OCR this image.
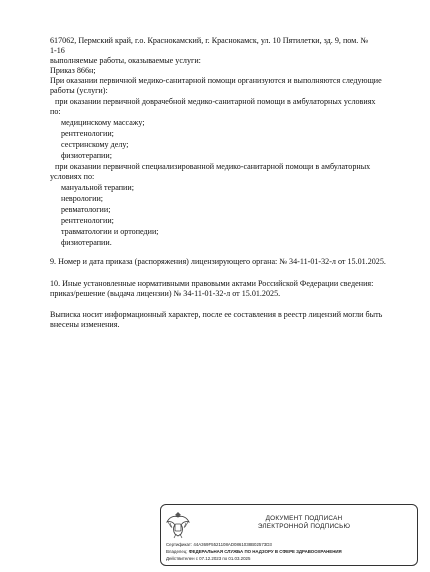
617062, Пермский край, г.о. Краснокамский, г. Краснокамск, ул. 10 Пятилетки, зд. 9, пом. №
1-16
выполняемые работы, оказываемые услуги:
Приказ 866н;
При оказании первичной медико-санитарной помощи организуются и выполняются следующие
работы (услуги):
при оказании первичной доврачебной медико-санитарной помощи в амбулаторных условиях
по:
медицинскому массажу;
рентгенологии;
сестринскому делу;
физиотерапии;
при оказании первичной специализированной медико-санитарной помощи в амбулаторных
условиях по:
мануальной терапии;
неврологии;
ревматологии;
рентгенологии;
травматологии и ортопедии;
физиотерапии.
9. Номер и дата приказа (распоряжения) лицензирующего органа: № 34-11-01-32-л от 15.01.2025.
10. Иные установленные нормативными правовыми актами Российской Федерации сведения:
приказ/решение (выдача лицензии) № 34-11-01-32-л от 15.01.2025.
Выписка носит информационный характер, после ее составления в реестр лицензий могли быть
внесены изменения.
ДОКУМЕНТ ПОДПИСАН
ЭЛЕКТРОННОЙ ПОДПИСЬЮ
Сертификат: 44A369F5521108AD0861038B02573D3
Владелец: ФЕДЕРАЛЬНАЯ СЛУЖБА ПО НАДЗОРУ В СФЕРЕ ЗДРАВООХРАНЕНИЯ
Действителен с 07.12.2023 по 01.03.2025
